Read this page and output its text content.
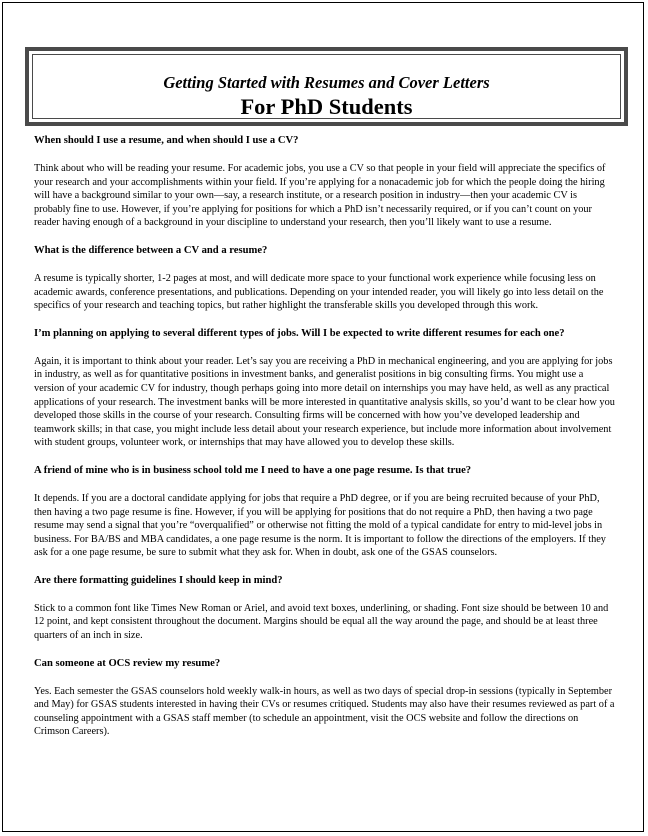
Getting Started with Resumes and Cover Letters
For PhD Students

When should I use a resume, and when should I use a CV?

Think about who will be reading your resume. For academic jobs, you use a CV so that people in your field will appreciate the specifics of your research and your accomplishments within your field. If you’re applying for a nonacademic job for which the people doing the hiring will have a background similar to your own—say, a research institute, or a research position in industry—then your academic CV is probably fine to use. However, if you’re applying for positions for which a PhD isn’t necessarily required, or if you can’t count on your reader having enough of a background in your discipline to understand your research, then you’ll likely want to use a resume.

What is the difference between a CV and a resume?

A resume is typically shorter, 1-2 pages at most, and will dedicate more space to your functional work experience while focusing less on academic awards, conference presentations, and publications. Depending on your intended reader, you will likely go into less detail on the specifics of your research and teaching topics, but rather highlight the transferable skills you developed through this work.

I’m planning on applying to several different types of jobs. Will I be expected to write different resumes for each one?

Again, it is important to think about your reader. Let’s say you are receiving a PhD in mechanical engineering, and you are applying for jobs in industry, as well as for quantitative positions in investment banks, and generalist positions in big consulting firms. You might use a version of your academic CV for industry, though perhaps going into more detail on internships you may have held, as well as any practical applications of your research. The investment banks will be more interested in quantitative analysis skills, so you’d want to be clear how you developed those skills in the course of your research. Consulting firms will be concerned with how you’ve developed leadership and teamwork skills; in that case, you might include less detail about your research experience, but include more information about involvement with student groups, volunteer work, or internships that may have allowed you to develop these skills.

A friend of mine who is in business school told me I need to have a one page resume. Is that true?

It depends. If you are a doctoral candidate applying for jobs that require a PhD degree, or if you are being recruited because of your PhD, then having a two page resume is fine. However, if you will be applying for positions that do not require a PhD, then having a two page resume may send a signal that you’re “overqualified” or otherwise not fitting the mold of a typical candidate for entry to mid-level jobs in business. For BA/BS and MBA candidates, a one page resume is the norm. It is important to follow the directions of the employers. If they ask for a one page resume, be sure to submit what they ask for. When in doubt, ask one of the GSAS counselors.

Are there formatting guidelines I should keep in mind?

Stick to a common font like Times New Roman or Ariel, and avoid text boxes, underlining, or shading. Font size should be between 10 and 12 point, and kept consistent throughout the document. Margins should be equal all the way around the page, and should be at least three quarters of an inch in size.

Can someone at OCS review my resume?

Yes. Each semester the GSAS counselors hold weekly walk-in hours, as well as two days of special drop-in sessions (typically in September and May) for GSAS students interested in having their CVs or resumes critiqued. Students may also have their resumes reviewed as part of a counseling appointment with a GSAS staff member (to schedule an appointment, visit the OCS website and follow the directions on Crimson Careers).
